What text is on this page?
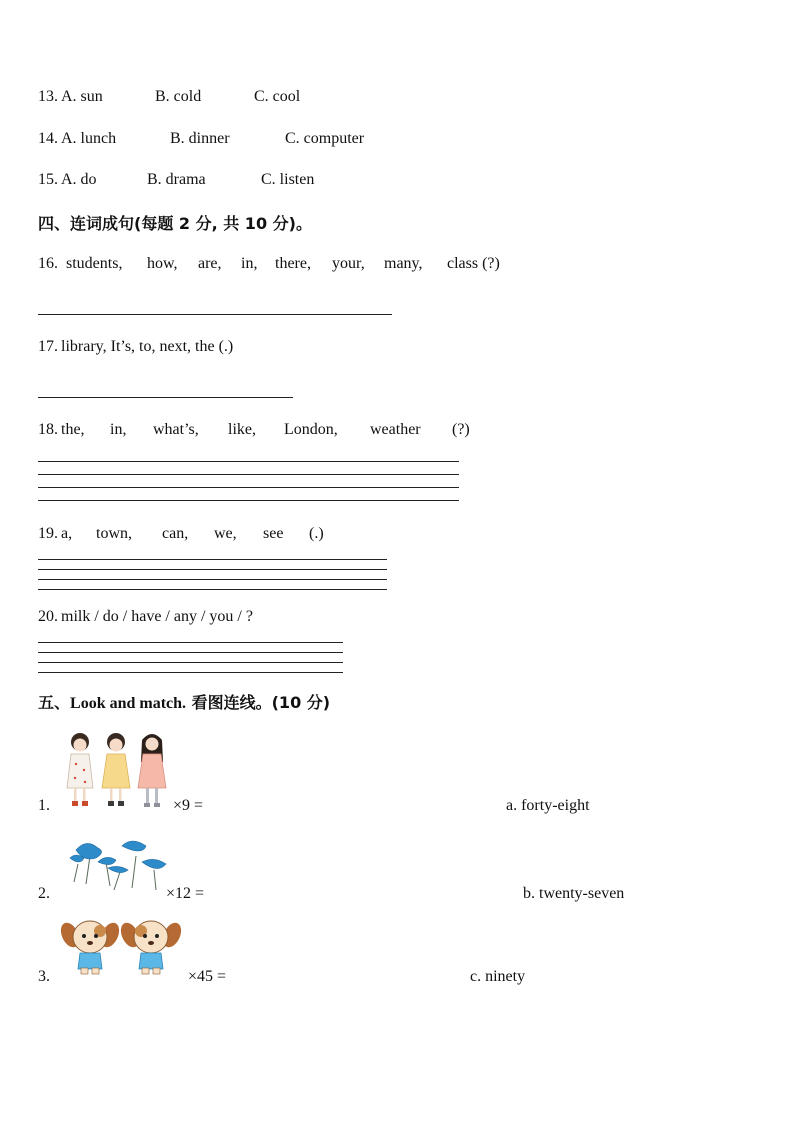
13. A. sun	B. cold	C. cool
14. A. lunch	B. dinner	C. computer
15. A. do	B. drama	C. listen
四、连词成句(每题 2 分, 共 10 分)。
16. students, how, are, in, there, your, many, class (?)
17. library, It’s, to, next, the (.)
18. the, in, what’s, like, London, weather (?)
19. a, town, can, we, see (.)
20. milk / do / have / any / you / ?
五、Look and match. 看图连线。(10 分)
1.	×9 =	a. forty-eight
2.	×12 =	b. twenty-seven
3.	×45 =	c. ninety
